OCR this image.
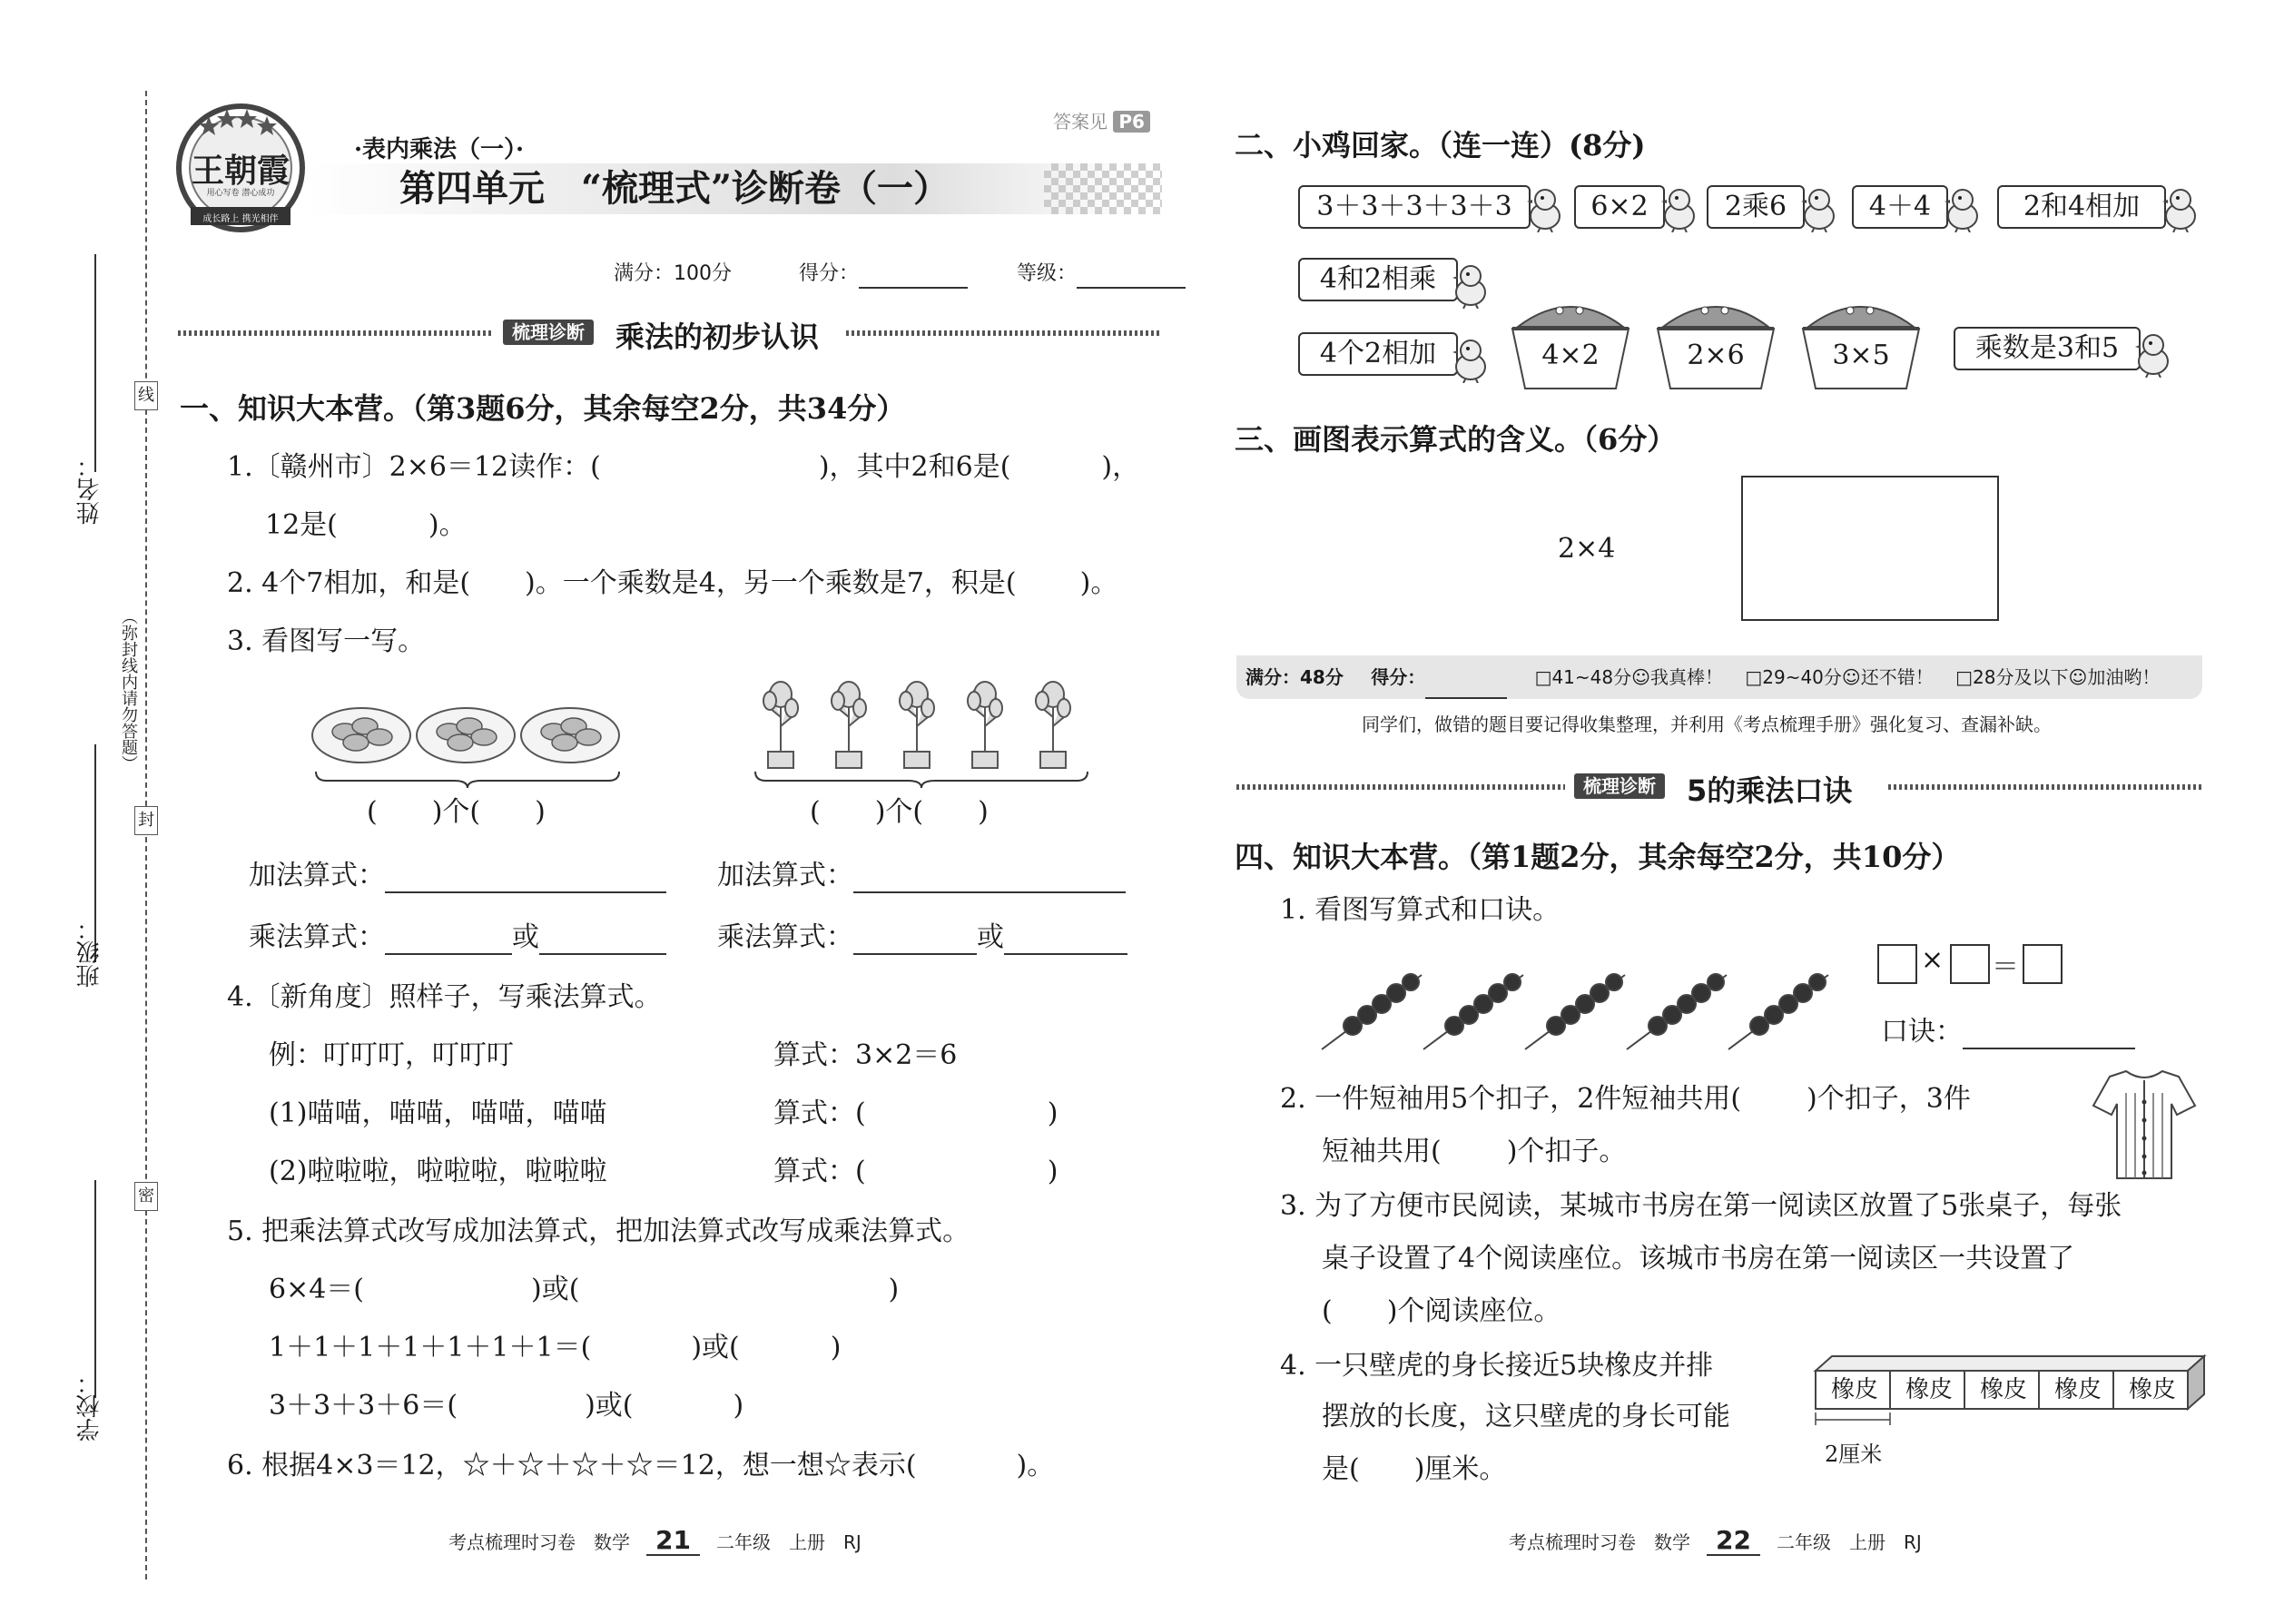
线
（弥封线内请勿答题）
封
密
姓名：
班级：
学校：
王朝霞
用心写卷 潜心成功
成长路上 携光相伴
答案见 P6
·表内乘法（一）·
第四单元　“梳理式”诊断卷（一）
满分：100分	得分：	等级：
梳理诊断	乘法的初步认识
一、知识大本营。（第3题6分，其余每空2分，共34分）
1.〔赣州市〕2×6＝12读作：(	)，其中2和6是(	)，
12是(	)。
2. 4个7相加，和是( )。一个乘数是4，另一个乘数是7，积是( )。
3. 看图写一写。
(　　)个(　　)	(　　)个(　　)
加法算式：	加法算式：
乘法算式：	或	乘法算式：	或
4.〔新角度〕照样子，写乘法算式。
例：叮叮叮，叮叮叮	算式：3×2＝6
(1)喵喵，喵喵，喵喵，喵喵	算式：(	)
(2)啦啦啦，啦啦啦，啦啦啦	算式：(	)
5. 把乘法算式改写成加法算式，把加法算式改写成乘法算式。
6×4＝(	)或(	)
1＋1＋1＋1＋1＋1＋1＝(	)或(	)
3＋3＋3＋6＝(	)或(	)
6. 根据4×3＝12，☆＋☆＋☆＋☆＝12，想一想☆表示(	)。
考点梳理时习卷　数学 21 二年级　上册　RJ
二、小鸡回家。（连一连）(8分)
3＋3＋3＋3＋3	6×2	2乘6	4＋4	2和4相加
4和2相乘
4个2相加	乘数是3和5
4×2	2×6	3×5
三、画图表示算式的含义。（6分）
2×4
满分：48分 得分：	□41~48分☺我真棒！ □29~40分☺还不错！ □28分及以下☺加油哟！
同学们，做错的题目要记得收集整理，并利用《考点梳理手册》强化复习、查漏补缺。
梳理诊断	5的乘法口诀
四、知识大本营。（第1题2分，其余每空2分，共10分）
1. 看图写算式和口诀。
× ＝
口诀：
2. 一件短袖用5个扣子，2件短袖共用( )个扣子，3件
短袖共用( )个扣子。
3. 为了方便市民阅读，某城市书房在第一阅读区放置了5张桌子，每张
桌子设置了4个阅读座位。该城市书房在第一阅读区一共设置了
(　　)个阅读座位。
4. 一只壁虎的身长接近5块橡皮并排
摆放的长度，这只壁虎的身长可能
是(　　)厘米。
橡皮	橡皮	橡皮	橡皮	橡皮
2厘米
考点梳理时习卷　数学 22 二年级　上册　RJ
